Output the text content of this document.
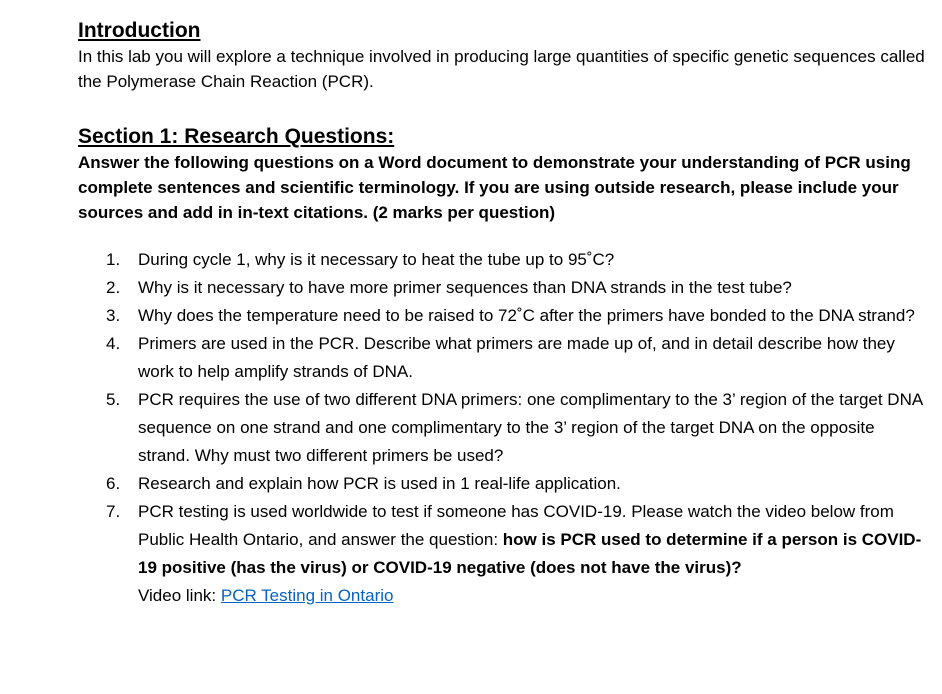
Introduction

In this lab you will explore a technique involved in producing large quantities of specific genetic sequences called the Polymerase Chain Reaction (PCR).

Section 1: Research Questions:

Answer the following questions on a Word document to demonstrate your understanding of PCR using complete sentences and scientific terminology. If you are using outside research, please include your sources and add in in-text citations. (2 marks per question)

1. During cycle 1, why is it necessary to heat the tube up to 95˚C?
2. Why is it necessary to have more primer sequences than DNA strands in the test tube?
3. Why does the temperature need to be raised to 72˚C after the primers have bonded to the DNA strand?
4. Primers are used in the PCR. Describe what primers are made up of, and in detail describe how they work to help amplify strands of DNA.
5. PCR requires the use of two different DNA primers: one complimentary to the 3’ region of the target DNA sequence on one strand and one complimentary to the 3’ region of the target DNA on the opposite strand. Why must two different primers be used?
6. Research and explain how PCR is used in 1 real-life application.
7. PCR testing is used worldwide to test if someone has COVID-19. Please watch the video below from Public Health Ontario, and answer the question: how is PCR used to determine if a person is COVID-19 positive (has the virus) or COVID-19 negative (does not have the virus)?
Video link: PCR Testing in Ontario
